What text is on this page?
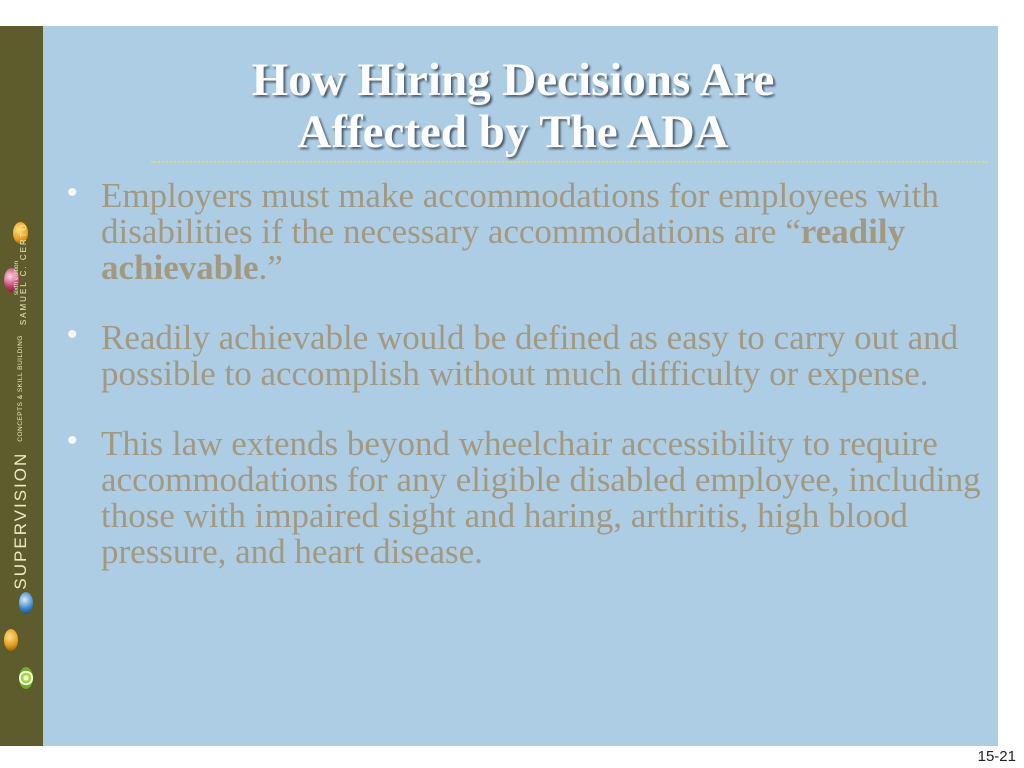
SUPERVISION
CONCEPTS & SKILL BUILDING
sixth edition SAMUEL C. CERTO
How Hiring Decisions Are
Affected by The ADA
• Employers must make accommodations for employees with disabilities if the necessary accommodations are “readily achievable.”
• Readily achievable would be defined as easy to carry out and possible to accomplish without much difficulty or expense.
• This law extends beyond wheelchair accessibility to require accommodations for any eligible disabled employee, including those with impaired sight and haring, arthritis, high blood pressure, and heart disease.
15-21
